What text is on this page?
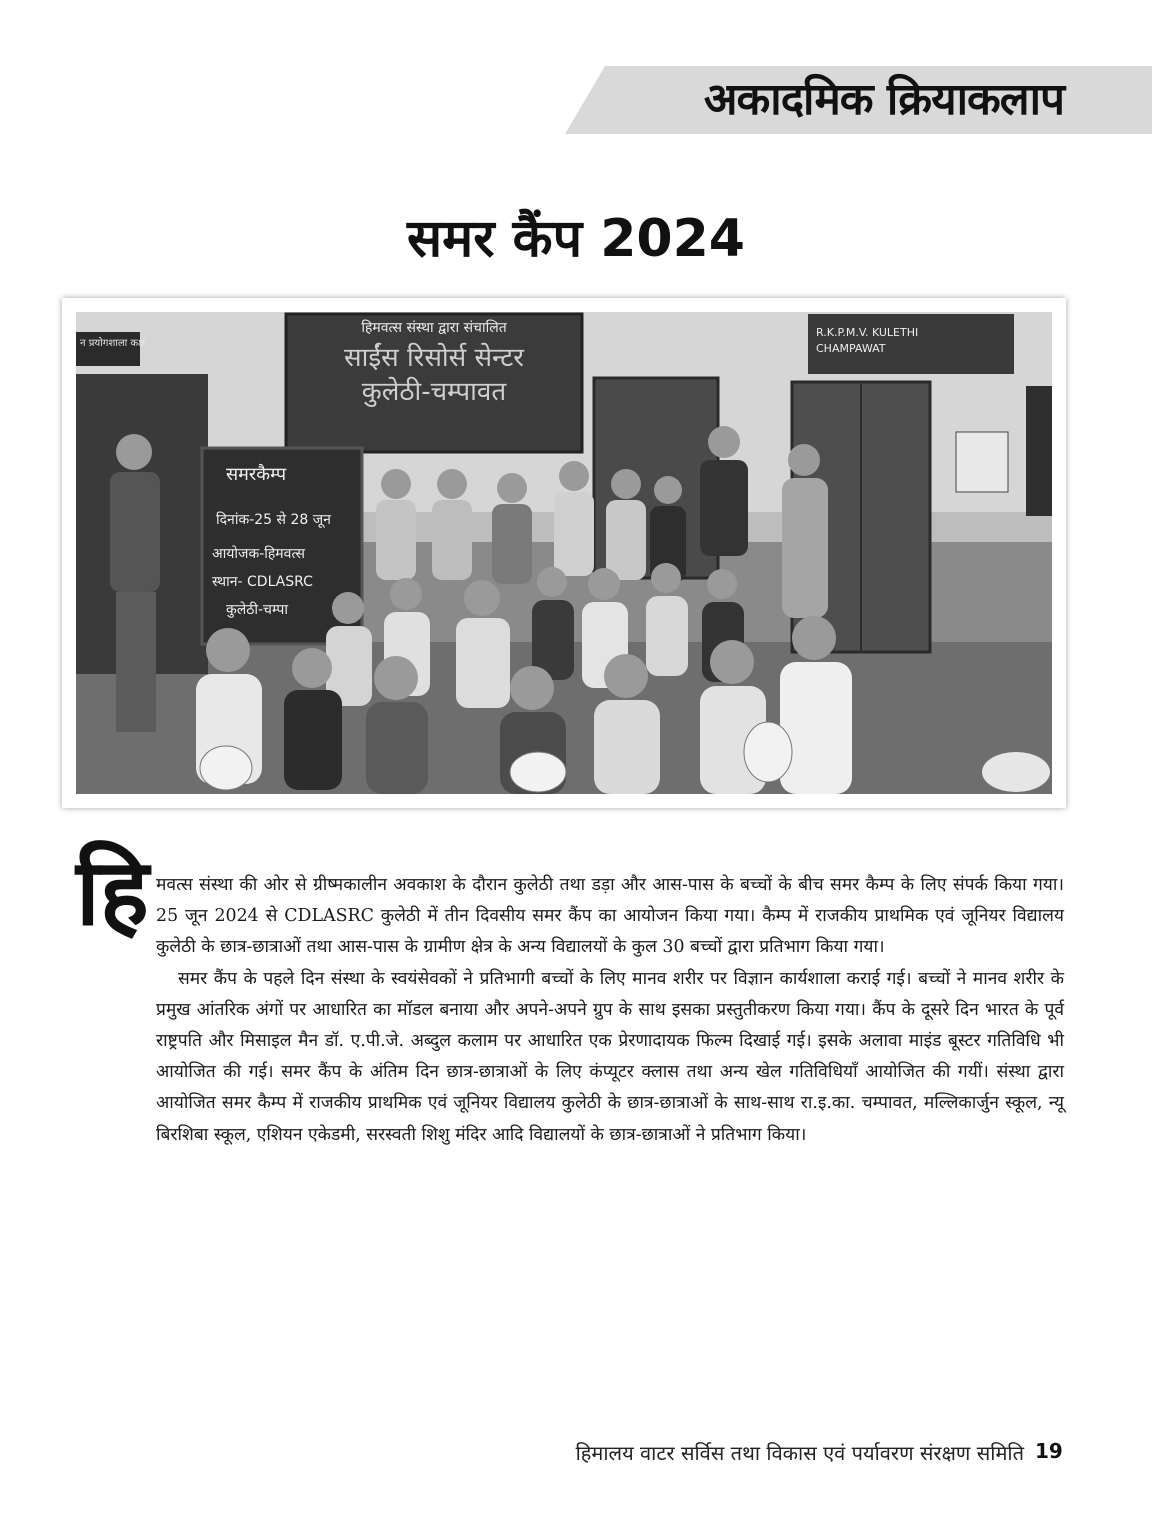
अकादमिक क्रियाकलाप
समर कैंप 2024
न प्रयोगशाला कक्ष
हिमवत्स संस्था द्वारा संचालित
साईंस रिसोर्स सेन्टर
कुलेठी-चम्पावत
R.K.P.M.V. KULETHI
CHAMPAWAT
समरकैम्प
दिनांक-25 से 28 जून
आयोजक-हिमवत्स
स्थान- CDLASRC
कुलेठी-चम्पा
हि मवत्स संस्था की ओर से ग्रीष्मकालीन अवकाश के दौरान कुलेठी तथा डड़ा और आस-पास के बच्चों के बीच समर कैम्प के लिए संपर्क किया गया। 25 जून 2024 से CDLASRC कुलेठी में तीन दिवसीय समर कैंप का आयोजन किया गया। कैम्प में राजकीय प्राथमिक एवं जूनियर विद्यालय कुलेठी के छात्र-छात्राओं तथा आस-पास के ग्रामीण क्षेत्र के अन्य विद्यालयों के कुल 30 बच्चों द्वारा प्रतिभाग किया गया।

समर कैंप के पहले दिन संस्था के स्वयंसेवकों ने प्रतिभागी बच्चों के लिए मानव शरीर पर विज्ञान कार्यशाला कराई गई। बच्चों ने मानव शरीर के प्रमुख आंतरिक अंगों पर आधारित का मॉडल बनाया और अपने-अपने ग्रुप के साथ इसका प्रस्तुतीकरण किया गया। कैंप के दूसरे दिन भारत के पूर्व राष्ट्रपति और मिसाइल मैन डॉ. ए.पी.जे. अब्दुल कलाम पर आधारित एक प्रेरणादायक फिल्म दिखाई गई। इसके अलावा माइंड बूस्टर गतिविधि भी आयोजित की गई। समर कैंप के अंतिम दिन छात्र-छात्राओं के लिए कंप्यूटर क्लास तथा अन्य खेल गतिविधियाँ आयोजित की गयीं। संस्था द्वारा आयोजित समर कैम्प में राजकीय प्राथमिक एवं जूनियर विद्यालय कुलेठी के छात्र-छात्राओं के साथ-साथ रा.इ.का. चम्पावत, मल्लिकार्जुन स्कूल, न्यू बिरशिबा स्कूल, एशियन एकेडमी, सरस्वती शिशु मंदिर आदि विद्यालयों के छात्र-छात्राओं ने प्रतिभाग किया।

हिमालय वाटर सर्विस तथा विकास एवं पर्यावरण संरक्षण समिति 19
